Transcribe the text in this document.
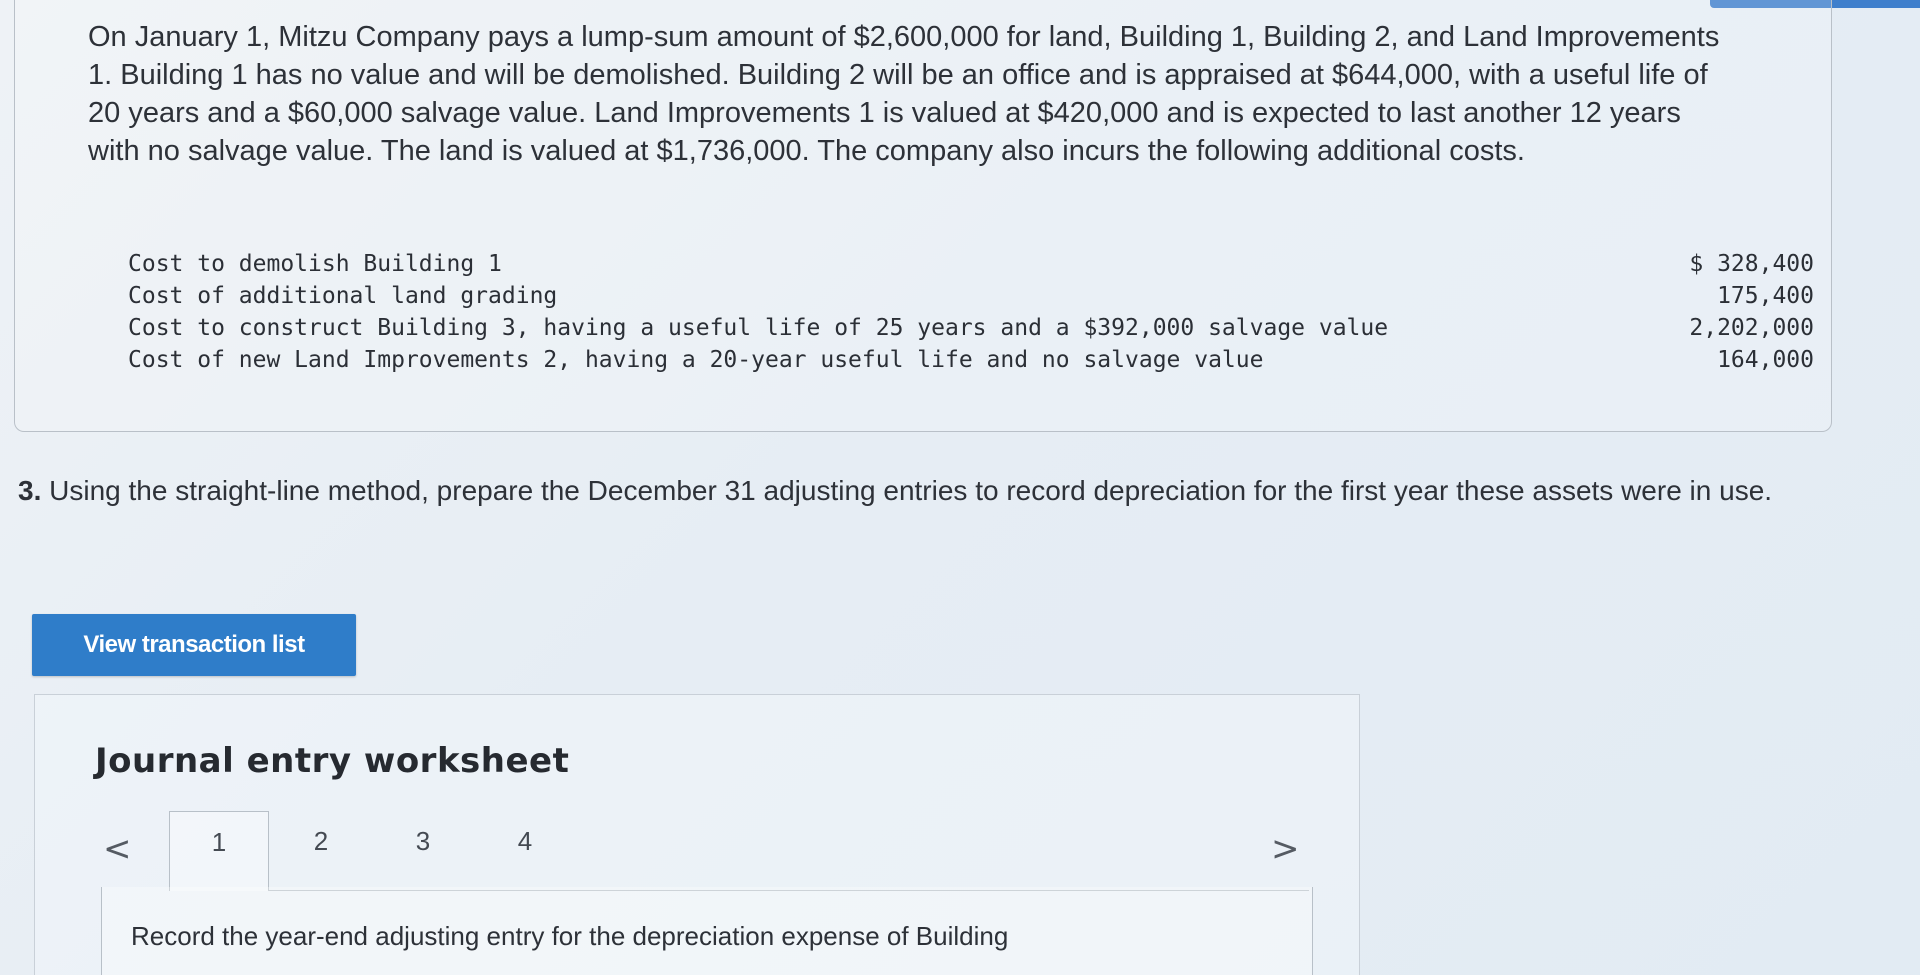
On January 1, Mitzu Company pays a lump-sum amount of $2,600,000 for land, Building 1, Building 2, and Land Improvements 1. Building 1 has no value and will be demolished. Building 2 will be an office and is appraised at $644,000, with a useful life of 20 years and a $60,000 salvage value. Land Improvements 1 is valued at $420,000 and is expected to last another 12 years with no salvage value. The land is valued at $1,736,000. The company also incurs the following additional costs.
Cost to demolish Building 1	$ 328,400
Cost of additional land grading	175,400
Cost to construct Building 3, having a useful life of 25 years and a $392,000 salvage value	2,202,000
Cost of new Land Improvements 2, having a 20-year useful life and no salvage value	164,000
3. Using the straight-line method, prepare the December 31 adjusting entries to record depreciation for the first year these assets were in use.
View transaction list
Journal entry worksheet
<	1	2	3	4	>
Record the year-end adjusting entry for the depreciation expense of Building
